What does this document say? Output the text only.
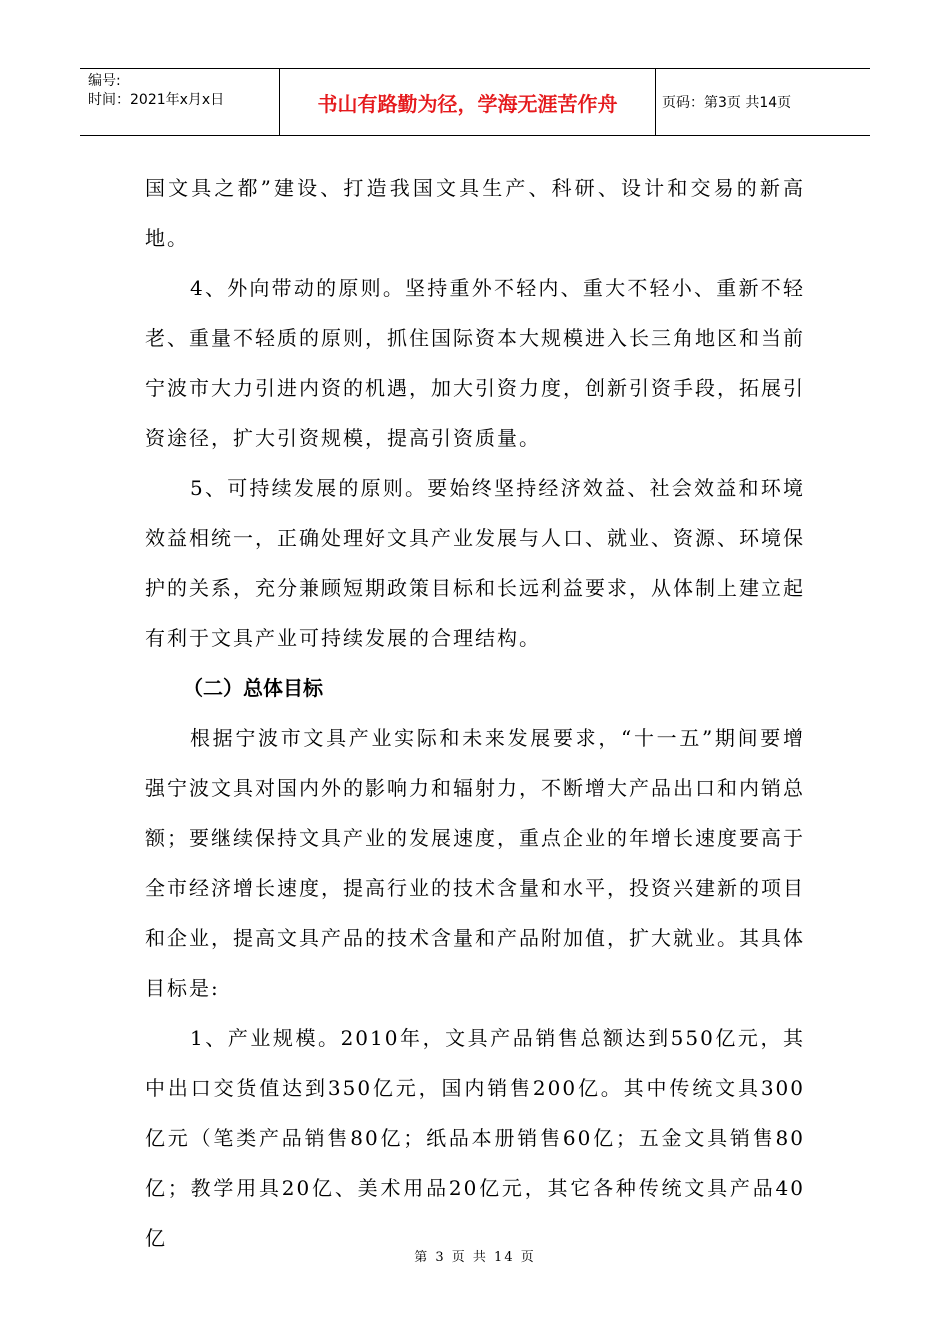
编号:
时间：2021年x月x日	书山有路勤为径，学海无涯苦作舟	页码：第3页 共14页

国文具之都”建设、打造我国文具生产、科研、设计和交易的新高地。

4、外向带动的原则。坚持重外不轻内、重大不轻小、重新不轻老、重量不轻质的原则，抓住国际资本大规模进入长三角地区和当前宁波市大力引进内资的机遇，加大引资力度，创新引资手段，拓展引资途径，扩大引资规模，提高引资质量。

5、可持续发展的原则。要始终坚持经济效益、社会效益和环境效益相统一，正确处理好文具产业发展与人口、就业、资源、环境保护的关系，充分兼顾短期政策目标和长远利益要求，从体制上建立起有利于文具产业可持续发展的合理结构。

（二）总体目标

根据宁波市文具产业实际和未来发展要求，“十一五”期间要增强宁波文具对国内外的影响力和辐射力，不断增大产品出口和内销总额；要继续保持文具产业的发展速度，重点企业的年增长速度要高于全市经济增长速度，提高行业的技术含量和水平，投资兴建新的项目和企业，提高文具产品的技术含量和产品附加值，扩大就业。其具体目标是:

1、产业规模。2010年，文具产品销售总额达到550亿元，其中出口交货值达到350亿元，国内销售200亿。其中传统文具300亿元（笔类产品销售80亿；纸品本册销售60亿；五金文具销售80亿；教学用具20亿、美术用品20亿元，其它各种传统文具产品40亿

第 3 页 共 14 页
